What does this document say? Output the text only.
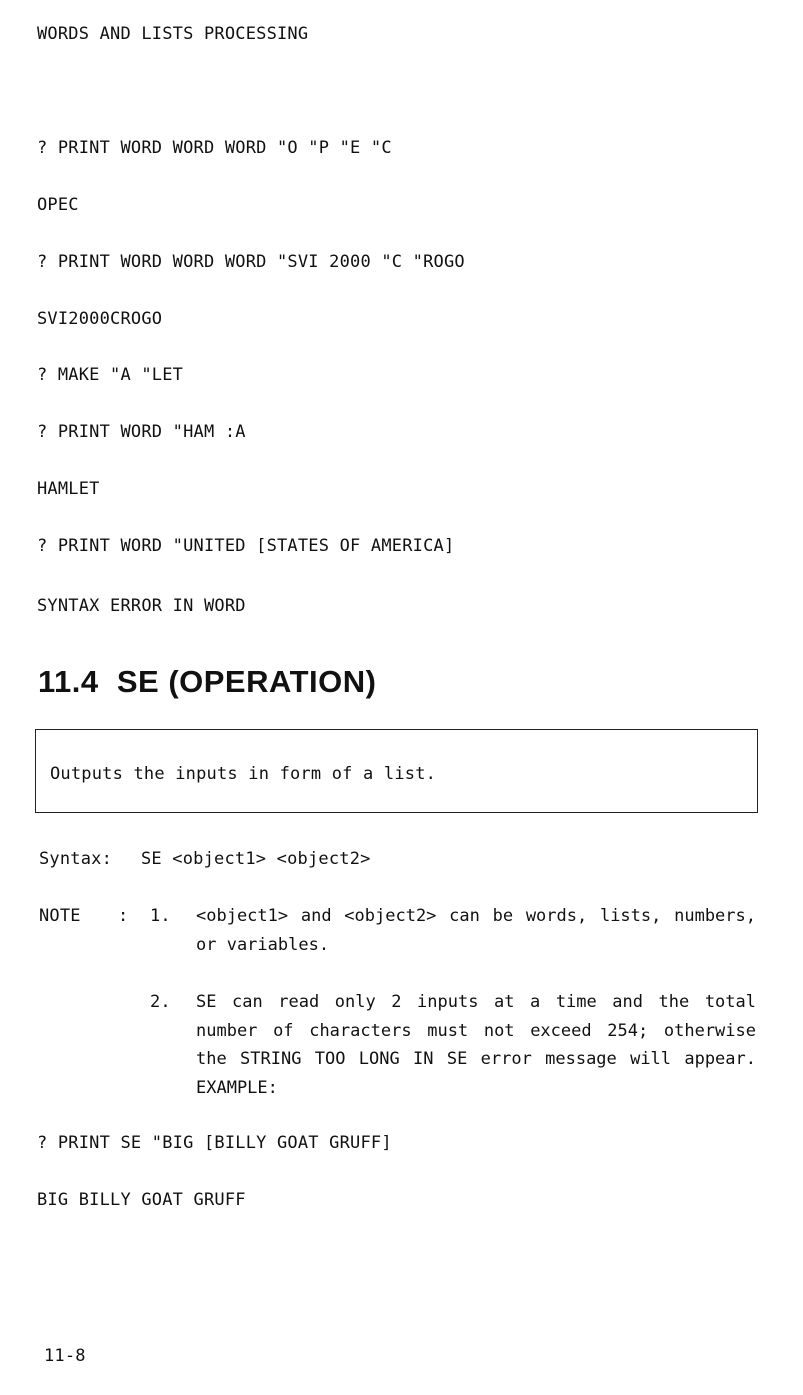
WORDS AND LISTS PROCESSING
? PRINT WORD WORD WORD "O "P "E "C
OPEC
? PRINT WORD WORD WORD "SVI 2000 "C "ROGO
SVI2000CROGO
? MAKE "A "LET
? PRINT WORD "HAM :A
HAMLET
? PRINT WORD "UNITED [STATES OF AMERICA]
SYNTAX ERROR IN WORD
11.4  SE (OPERATION)
Outputs the inputs in form of a list.
Syntax: SE <object1> <object2>
NOTE : 1. <object1> and <object2> can be words, lists, numbers, or variables.
2. SE can read only 2 inputs at a time and the total number of characters must not exceed 254; otherwise the STRING TOO LONG IN SE error message will appear. EXAMPLE:
? PRINT SE "BIG [BILLY GOAT GRUFF]
BIG BILLY GOAT GRUFF
11-8
